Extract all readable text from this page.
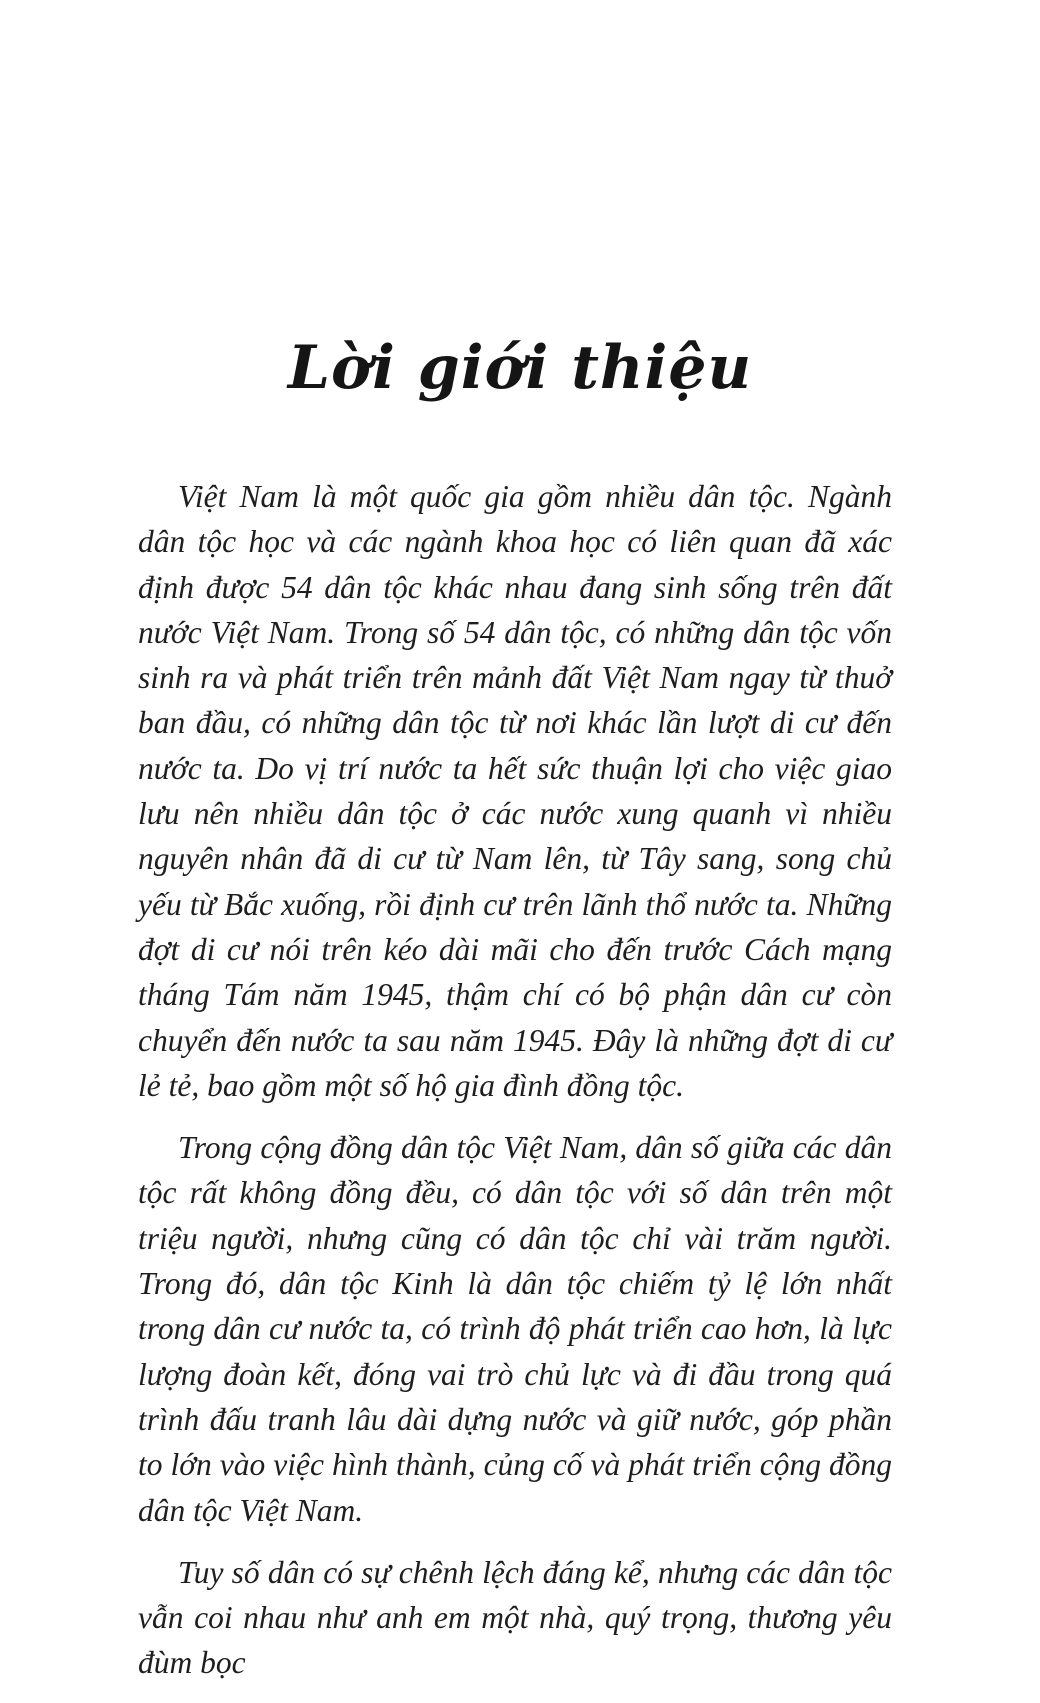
Lời giới thiệu

Việt Nam là một quốc gia gồm nhiều dân tộc. Ngành dân tộc học và các ngành khoa học có liên quan đã xác định được 54 dân tộc khác nhau đang sinh sống trên đất nước Việt Nam. Trong số 54 dân tộc, có những dân tộc vốn sinh ra và phát triển trên mảnh đất Việt Nam ngay từ thuở ban đầu, có những dân tộc từ nơi khác lần lượt di cư đến nước ta. Do vị trí nước ta hết sức thuận lợi cho việc giao lưu nên nhiều dân tộc ở các nước xung quanh vì nhiều nguyên nhân đã di cư từ Nam lên, từ Tây sang, song chủ yếu từ Bắc xuống, rồi định cư trên lãnh thổ nước ta. Những đợt di cư nói trên kéo dài mãi cho đến trước Cách mạng tháng Tám năm 1945, thậm chí có bộ phận dân cư còn chuyển đến nước ta sau năm 1945. Đây là những đợt di cư lẻ tẻ, bao gồm một số hộ gia đình đồng tộc.

Trong cộng đồng dân tộc Việt Nam, dân số giữa các dân tộc rất không đồng đều, có dân tộc với số dân trên một triệu người, nhưng cũng có dân tộc chỉ vài trăm người. Trong đó, dân tộc Kinh là dân tộc chiếm tỷ lệ lớn nhất trong dân cư nước ta, có trình độ phát triển cao hơn, là lực lượng đoàn kết, đóng vai trò chủ lực và đi đầu trong quá trình đấu tranh lâu dài dựng nước và giữ nước, góp phần to lớn vào việc hình thành, củng cố và phát triển cộng đồng dân tộc Việt Nam.

Tuy số dân có sự chênh lệch đáng kể, nhưng các dân tộc vẫn coi nhau như anh em một nhà, quý trọng, thương yêu đùm bọc
